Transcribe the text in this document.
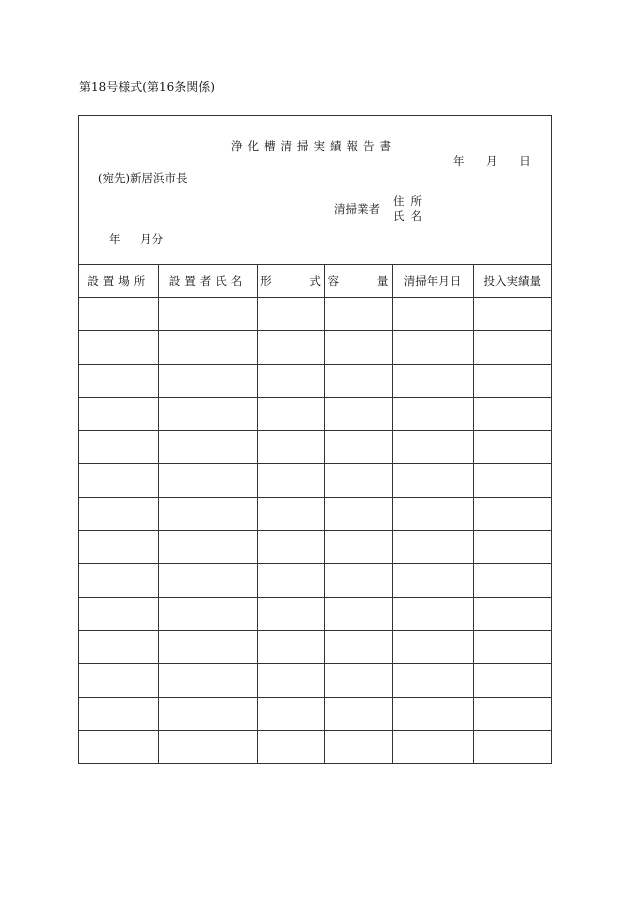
第18号様式(第16条関係)
浄化槽清掃実績報告書
年 月 日
(宛先)新居浜市長
清掃業者
住所
氏名
年 月分
設置場所	設置者氏名	形 式	容 量	清掃年月日	投入実績量
